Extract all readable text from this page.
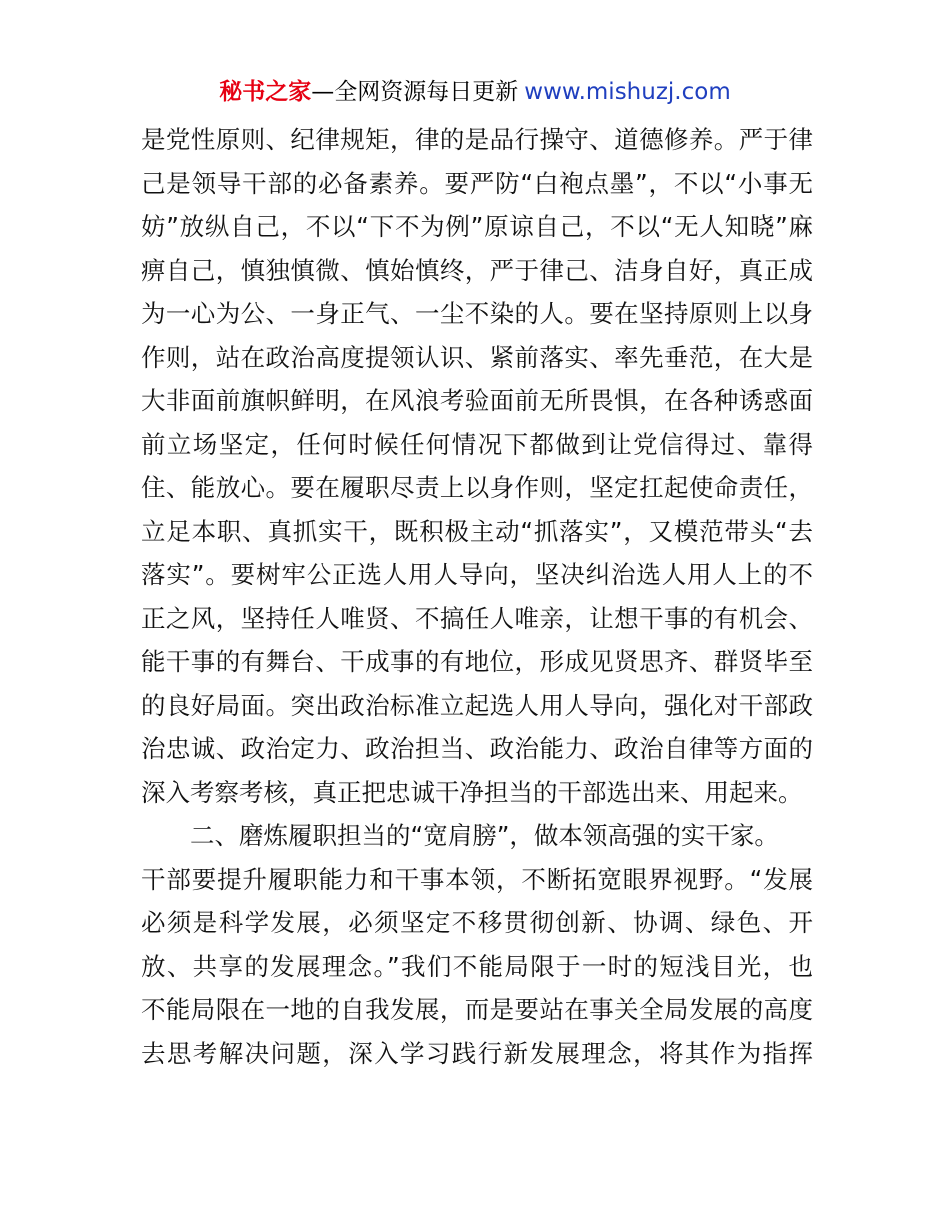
秘书之家—全网资源每日更新 www.mishuzj.com
是党性原则、纪律规矩，律的是品行操守、道德修养。严于律
己是领导干部的必备素养。要严防“白袍点墨”，不以“小事无
妨”放纵自己，不以“下不为例”原谅自己，不以“无人知晓”麻
痹自己，慎独慎微、慎始慎终，严于律己、洁身自好，真正成
为一心为公、一身正气、一尘不染的人。要在坚持原则上以身
作则，站在政治高度提领认识、紧前落实、率先垂范，在大是
大非面前旗帜鲜明，在风浪考验面前无所畏惧，在各种诱惑面
前立场坚定，任何时候任何情况下都做到让党信得过、靠得
住、能放心。要在履职尽责上以身作则，坚定扛起使命责任，
立足本职、真抓实干，既积极主动“抓落实”，又模范带头“去
落实”。要树牢公正选人用人导向，坚决纠治选人用人上的不
正之风，坚持任人唯贤、不搞任人唯亲，让想干事的有机会、
能干事的有舞台、干成事的有地位，形成见贤思齐、群贤毕至
的良好局面。突出政治标准立起选人用人导向，强化对干部政
治忠诚、政治定力、政治担当、政治能力、政治自律等方面的
深入考察考核，真正把忠诚干净担当的干部选出来、用起来。
　　二、磨炼履职担当的“宽肩膀”，做本领高强的实干家。
干部要提升履职能力和干事本领，不断拓宽眼界视野。“发展
必须是科学发展，必须坚定不移贯彻创新、协调、绿色、开
放、共享的发展理念。”我们不能局限于一时的短浅目光，也
不能局限在一地的自我发展，而是要站在事关全局发展的高度
去思考解决问题，深入学习践行新发展理念，将其作为指挥
